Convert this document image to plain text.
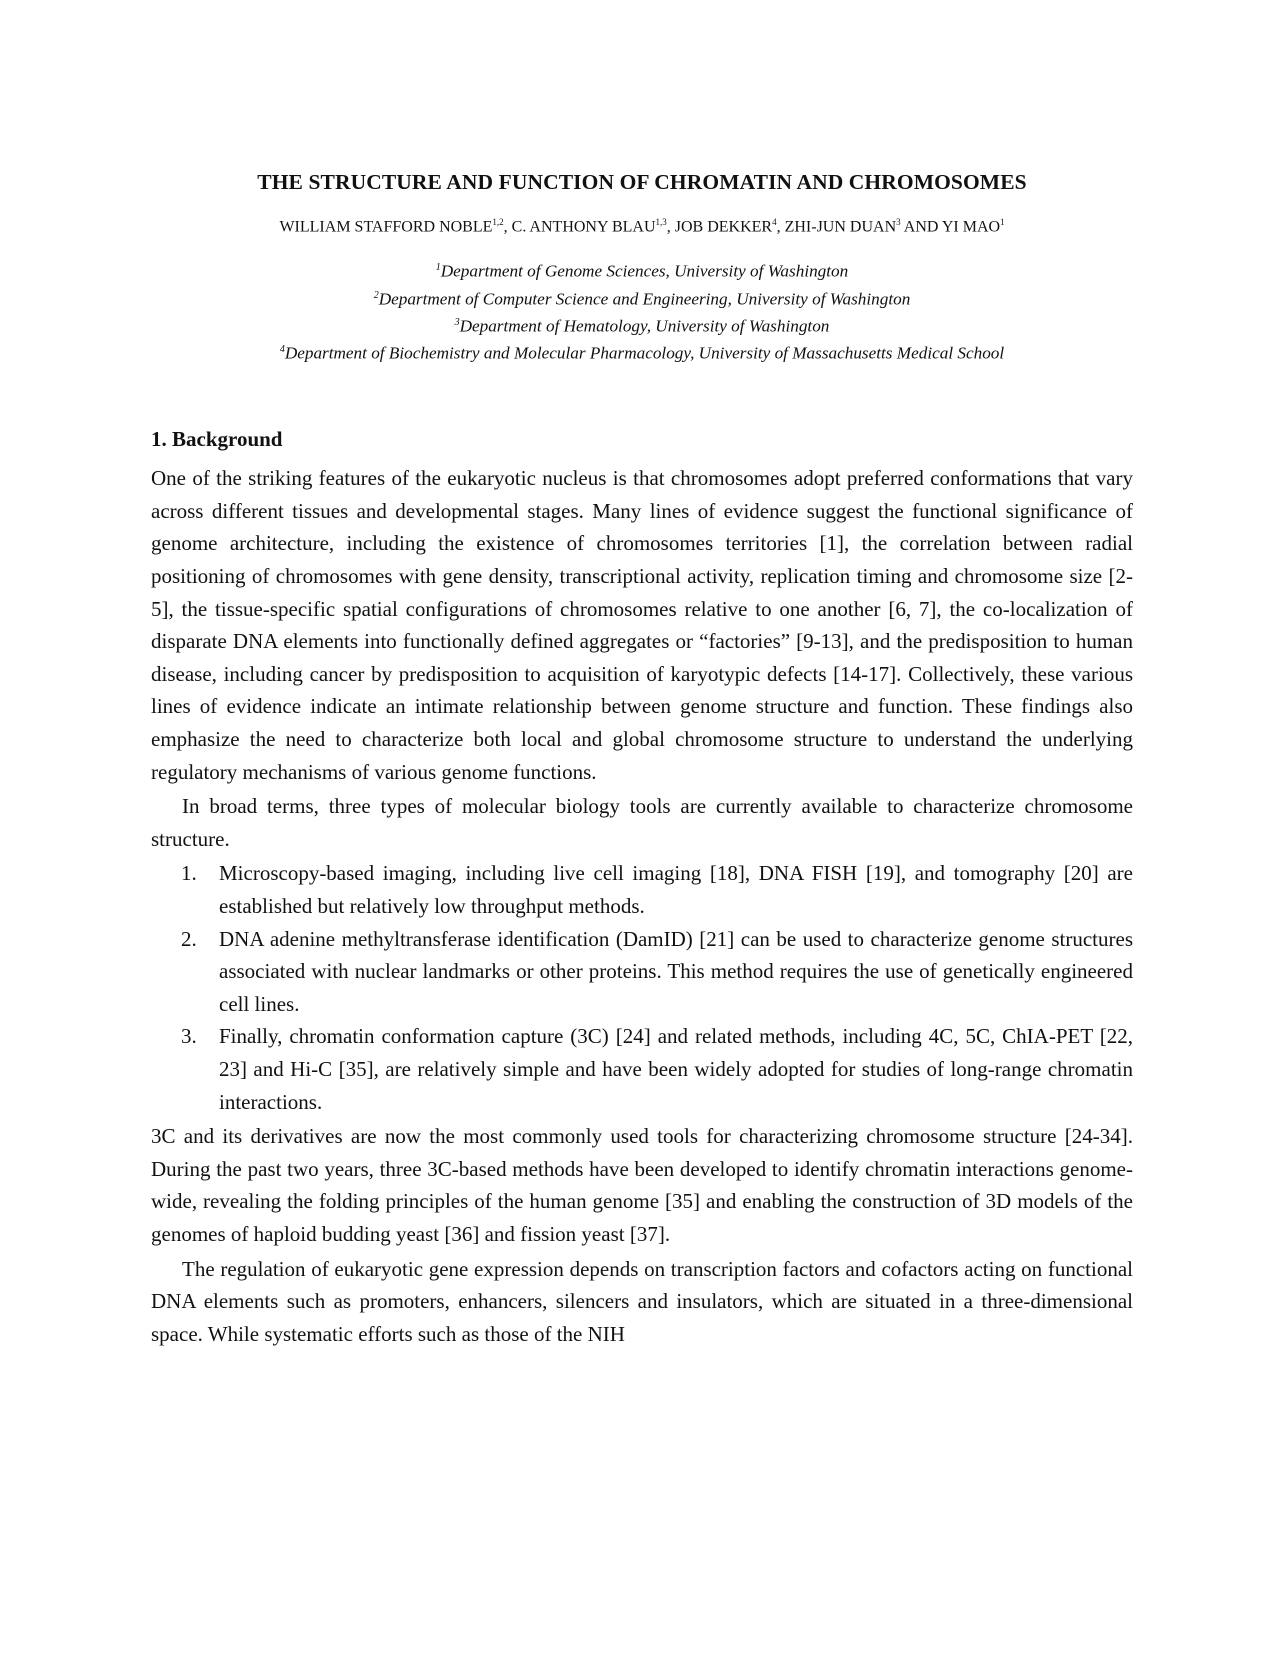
THE STRUCTURE AND FUNCTION OF CHROMATIN AND CHROMOSOMES
WILLIAM STAFFORD NOBLE$^{1,2}$, C. ANTHONY BLAU$^{1,3}$, JOB DEKKER$^4$, ZHI-JUN DUAN$^3$ AND YI MAO$^1$
$^1$Department of Genome Sciences, University of Washington
$^2$Department of Computer Science and Engineering, University of Washington
$^3$Department of Hematology, University of Washington
$^4$Department of Biochemistry and Molecular Pharmacology, University of Massachusetts Medical School
1. Background

One of the striking features of the eukaryotic nucleus is that chromosomes adopt preferred conformations that vary across different tissues and developmental stages. Many lines of evidence suggest the functional significance of genome architecture, including the existence of chromosomes territories [1], the correlation between radial positioning of chromosomes with gene density, transcriptional activity, replication timing and chromosome size [2-5], the tissue-specific spatial configurations of chromosomes relative to one another [6, 7], the co-localization of disparate DNA elements into functionally defined aggregates or “factories” [9-13], and the predisposition to human disease, including cancer by predisposition to acquisition of karyotypic defects [14-17]. Collectively, these various lines of evidence indicate an intimate relationship between genome structure and function. These findings also emphasize the need to characterize both local and global chromosome structure to understand the underlying regulatory mechanisms of various genome functions.

In broad terms, three types of molecular biology tools are currently available to characterize chromosome structure.

1. Microscopy-based imaging, including live cell imaging [18], DNA FISH [19], and tomography [20] are established but relatively low throughput methods.
2. DNA adenine methyltransferase identification (DamID) [21] can be used to characterize genome structures associated with nuclear landmarks or other proteins. This method requires the use of genetically engineered cell lines.
3. Finally, chromatin conformation capture (3C) [24] and related methods, including 4C, 5C, ChIA-PET [22, 23] and Hi-C [35], are relatively simple and have been widely adopted for studies of long-range chromatin interactions.

3C and its derivatives are now the most commonly used tools for characterizing chromosome structure [24-34]. During the past two years, three 3C-based methods have been developed to identify chromatin interactions genome-wide, revealing the folding principles of the human genome [35] and enabling the construction of 3D models of the genomes of haploid budding yeast [36] and fission yeast [37].

The regulation of eukaryotic gene expression depends on transcription factors and cofactors acting on functional DNA elements such as promoters, enhancers, silencers and insulators, which are situated in a three-dimensional space. While systematic efforts such as those of the NIH
